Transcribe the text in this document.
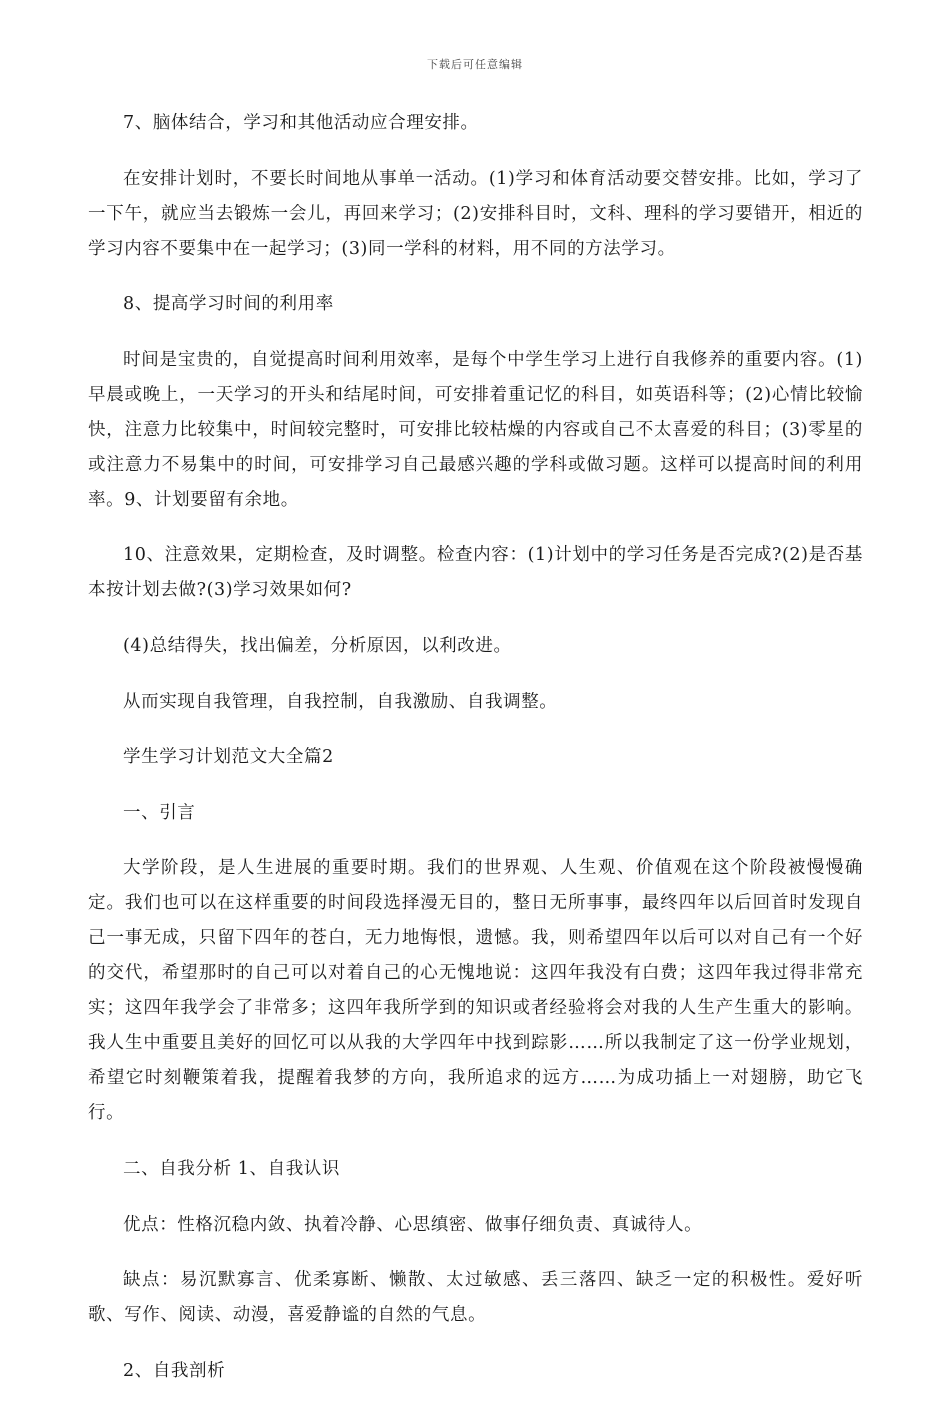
下载后可任意编辑

7、脑体结合，学习和其他活动应合理安排。

在安排计划时，不要长时间地从事单一活动。(1)学习和体育活动要交替安排。比如，学习了一下午，就应当去锻炼一会儿，再回来学习；(2)安排科目时，文科、理科的学习要错开，相近的学习内容不要集中在一起学习；(3)同一学科的材料，用不同的方法学习。

8、提高学习时间的利用率

时间是宝贵的，自觉提高时间利用效率，是每个中学生学习上进行自我修养的重要内容。(1)早晨或晚上，一天学习的开头和结尾时间，可安排着重记忆的科目，如英语科等；(2)心情比较愉快，注意力比较集中，时间较完整时，可安排比较枯燥的内容或自己不太喜爱的科目；(3)零星的或注意力不易集中的时间，可安排学习自己最感兴趣的学科或做习题。这样可以提高时间的利用率。9、计划要留有余地。

10、注意效果，定期检查，及时调整。检查内容：(1)计划中的学习任务是否完成?(2)是否基本按计划去做?(3)学习效果如何?

(4)总结得失，找出偏差，分析原因，以利改进。

从而实现自我管理，自我控制，自我激励、自我调整。

学生学习计划范文大全篇2

一、引言

大学阶段，是人生进展的重要时期。我们的世界观、人生观、价值观在这个阶段被慢慢确定。我们也可以在这样重要的时间段选择漫无目的，整日无所事事，最终四年以后回首时发现自己一事无成，只留下四年的苍白，无力地悔恨，遗憾。我，则希望四年以后可以对自己有一个好的交代，希望那时的自己可以对着自己的心无愧地说：这四年我没有白费；这四年我过得非常充实；这四年我学会了非常多；这四年我所学到的知识或者经验将会对我的人生产生重大的影响。我人生中重要且美好的回忆可以从我的大学四年中找到踪影……所以我制定了这一份学业规划，希望它时刻鞭策着我，提醒着我梦的方向，我所追求的远方……为成功插上一对翅膀，助它飞行。

二、自我分析 1、自我认识

优点：性格沉稳内敛、执着冷静、心思缜密、做事仔细负责、真诚待人。

缺点：易沉默寡言、优柔寡断、懒散、太过敏感、丢三落四、缺乏一定的积极性。爱好听歌、写作、阅读、动漫，喜爱静谧的自然的气息。

2、自我剖析
